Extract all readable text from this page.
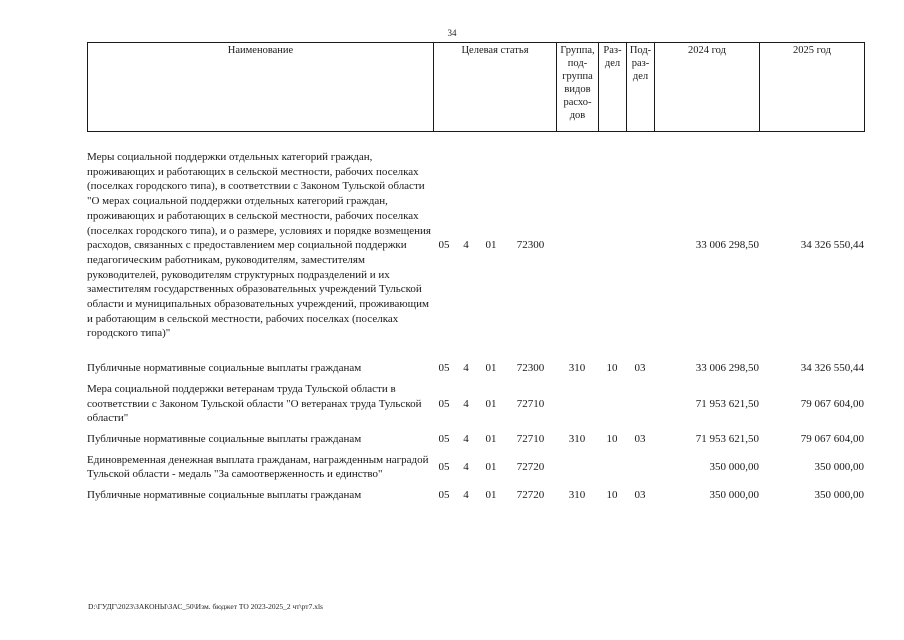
34
Наименование	Целевая статья	Группа, под-группа видов расхо-дов	Раз-дел	Под-раз-дел	2024 год	2025 год
Меры социальной поддержки отдельных категорий граждан, проживающих и работающих в сельской местности, рабочих поселках (поселках городского типа), в соответствии с Законом Тульской области "О мерах социальной поддержки отдельных категорий граждан, проживающих и работающих в сельской местности, рабочих поселках (поселках городского типа), и о размере, условиях и порядке возмещения расходов, связанных с предоставлением мер социальной поддержки педагогическим работникам, руководителям, заместителям руководителей, руководителям структурных подразделений и их заместителям государственных образовательных учреждений Тульской области и муниципальных образовательных учреждений, проживающим и работающим в сельской местности, рабочих поселках (поселках городского типа)"	05	4	01	72300				33 006 298,50	34 326 550,44

Публичные нормативные социальные выплаты гражданам	05	4	01	72300	310	10	03	33 006 298,50	34 326 550,44

Мера социальной поддержки ветеранам труда Тульской области в соответствии с Законом Тульской области "О ветеранах труда Тульской области"	05	4	01	72710				71 953 621,50	79 067 604,00

Публичные нормативные социальные выплаты гражданам	05	4	01	72710	310	10	03	71 953 621,50	79 067 604,00

Единовременная денежная выплата гражданам, награжденным наградой Тульской области - медаль "За самоотверженность и единство"	05	4	01	72720				350 000,00	350 000,00

Публичные нормативные социальные выплаты гражданам	05	4	01	72720	310	10	03	350 000,00	350 000,00
D:\ГУДГ\2023\ЗАКОНЫ\ЗАС_50\Изм. бюджет ТО 2023-2025_2 чт\рт7.xls
